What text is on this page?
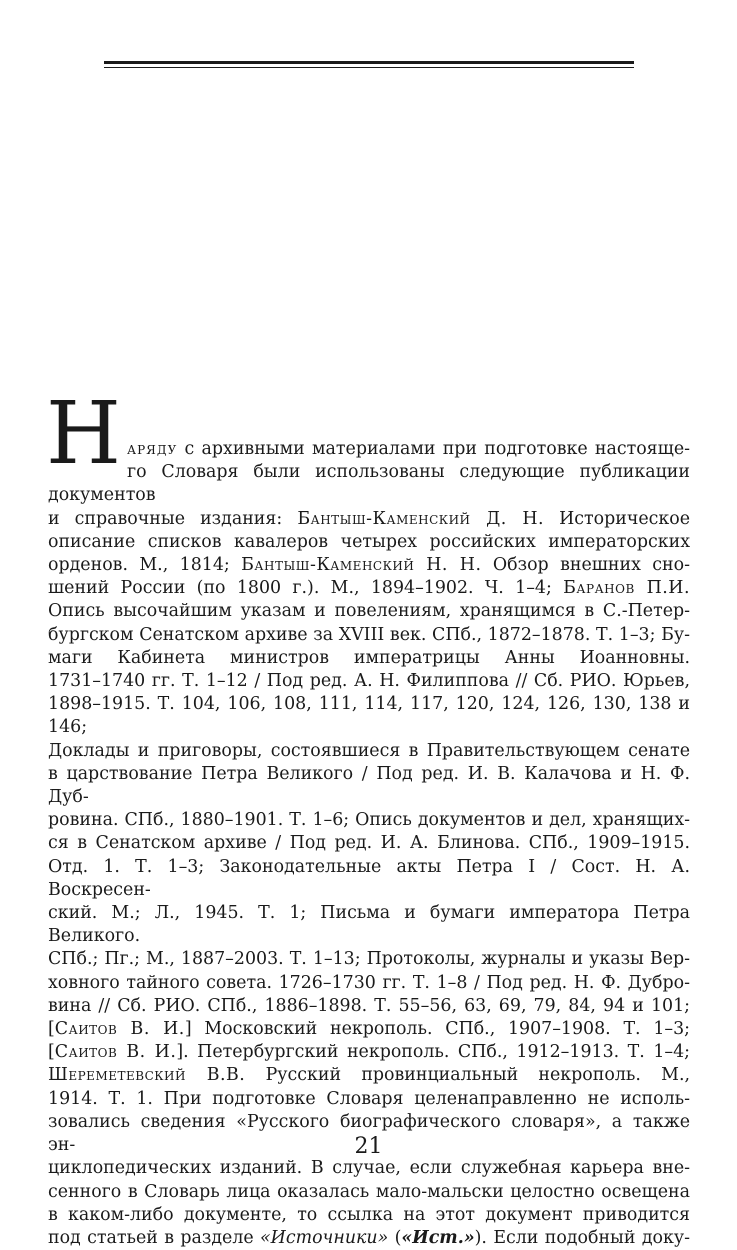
Н аряду с архивными материалами при подготовке настояще-
го Словаря были использованы следующие публикации документов
и справочные издания: Бантыш-Каменский Д. Н. Историческое
описание списков кавалеров четырех российских императорских
орденов. М., 1814; Бантыш-Каменский Н. Н. Обзор внешних сно-
шений России (по 1800 г.). М., 1894–1902. Ч. 1–4; Баранов П.И.
Опись высочайшим указам и повелениям, хранящимся в С.-Петер-
бургском Сенатском архиве за XVIII век. СПб., 1872–1878. Т. 1–3; Бу-
маги Кабинета министров императрицы Анны Иоанновны.
1731–1740 гг. Т. 1–12 / Под ред. А. Н. Филиппова // Сб. РИО. Юрьев,
1898–1915. Т. 104, 106, 108, 111, 114, 117, 120, 124, 126, 130, 138 и 146;
Доклады и приговоры, состоявшиеся в Правительствующем сенате
в царствование Петра Великого / Под ред. И. В. Калачова и Н. Ф. Дуб-
ровина. СПб., 1880–1901. Т. 1–6; Опись документов и дел, хранящих-
ся в Сенатском архиве / Под ред. И. А. Блинова. СПб., 1909–1915.
Отд. 1. Т. 1–3; Законодательные акты Петра I / Сост. Н. А. Воскресен-
ский. М.; Л., 1945. Т. 1; Письма и бумаги императора Петра Великого.
СПб.; Пг.; М., 1887–2003. Т. 1–13; Протоколы, журналы и указы Вер-
ховного тайного совета. 1726–1730 гг. Т. 1–8 / Под ред. Н. Ф. Дубро-
вина // Сб. РИО. СПб., 1886–1898. Т. 55–56, 63, 69, 79, 84, 94 и 101;
[Саитов В. И.] Московский некрополь. СПб., 1907–1908. Т. 1–3;
[Саитов В. И.]. Петербургский некрополь. СПб., 1912–1913. Т. 1–4;
Шереметевский В.В. Русский провинциальный некрополь. М.,
1914. Т. 1. При подготовке Словаря целенаправленно не исполь-
зовались сведения «Русского биографического словаря», а также эн-
циклопедических изданий. В случае, если служебная карьера вне-
сенного в Словарь лица оказалась мало-мальски целостно освещена
в каком-либо документе, то ссылка на этот документ приводится
под статьей в разделе «Источники» («Ист.»). Если подобный доку-
21
